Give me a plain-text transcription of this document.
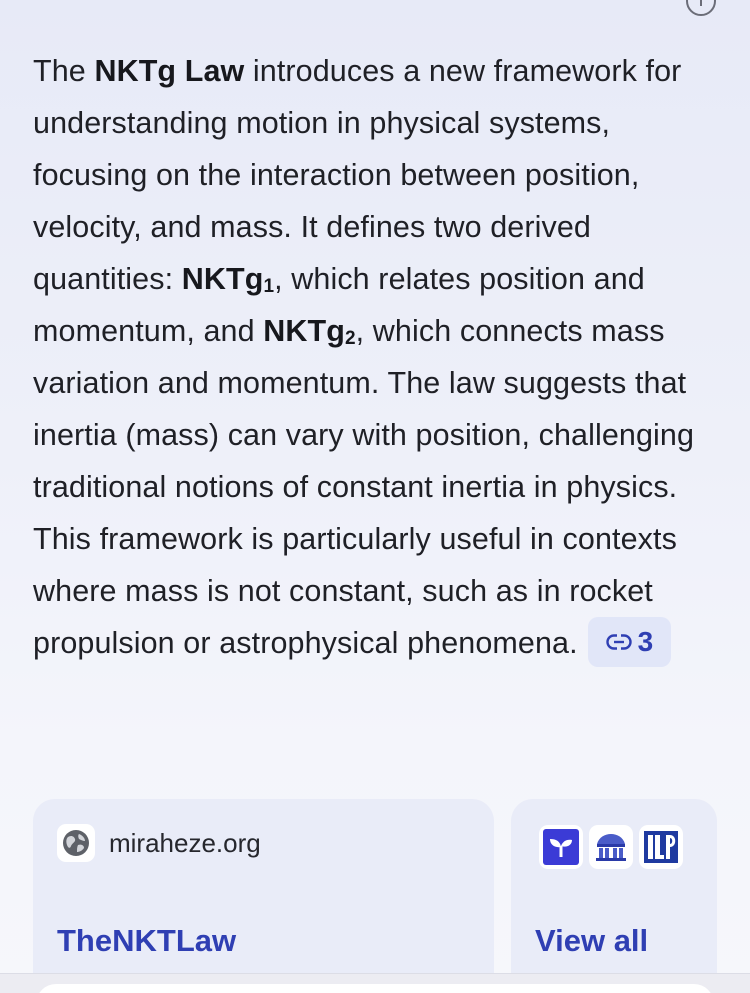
The NKTg Law introduces a new framework for understanding motion in physical systems, focusing on the interaction between position, velocity, and mass. It defines two derived quantities: NKTg$_1$, which relates position and momentum, and NKTg$_2$, which connects mass variation and momentum. The law suggests that inertia (mass) can vary with position, challenging traditional notions of constant inertia in physics. This framework is particularly useful in contexts where mass is not constant, such as in rocket propulsion or astrophysical phenomena. 3
miraheze.org
TheNKTLaw	View all
